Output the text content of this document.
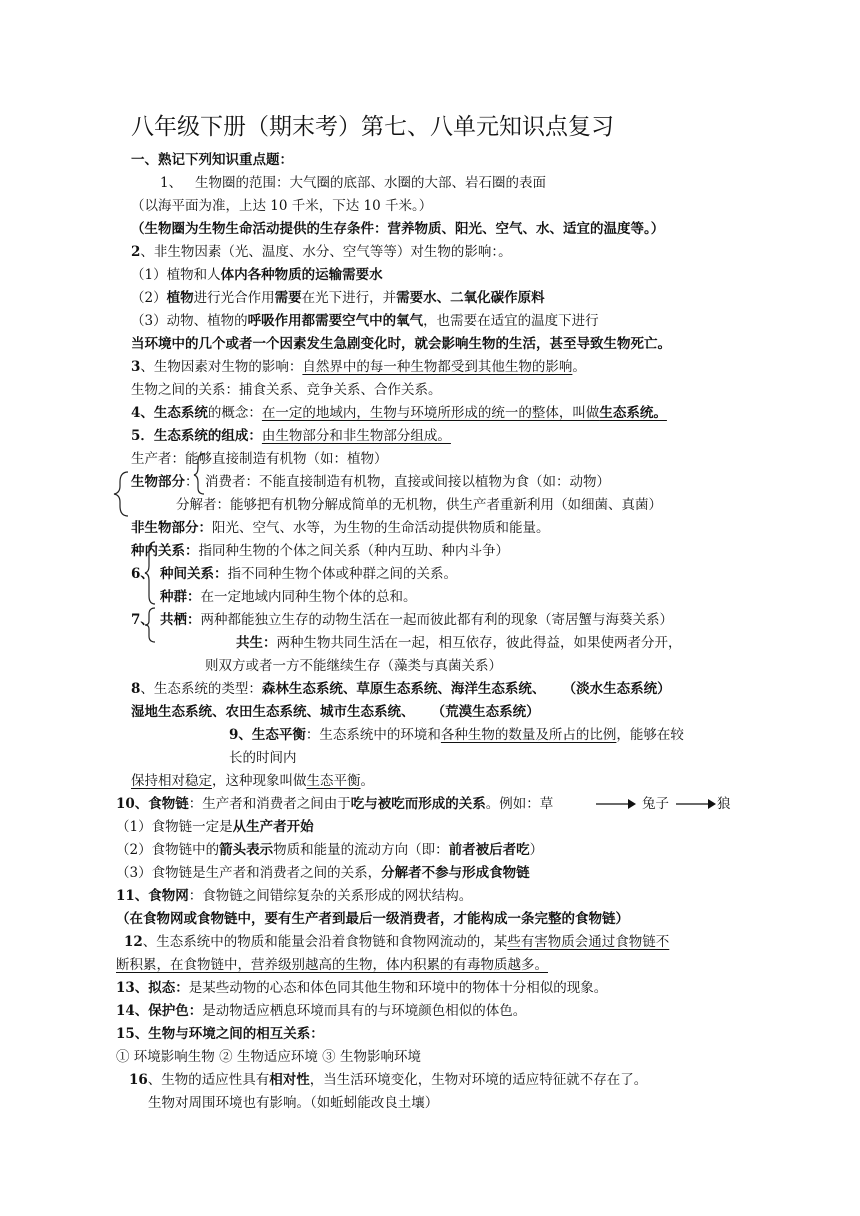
八年级下册（期末考）第七、八单元知识点复习
一、熟记下列知识重点题：
1、 生物圈的范围：大气圈的底部、水圈的大部、岩石圈的表面
（以海平面为准，上达 10 千米，下达 10 千米。）
（生物圈为生物生命活动提供的生存条件：营养物质、阳光、空气、水、适宜的温度等。）
2、非生物因素（光、温度、水分、空气等等）对生物的影响：。
（1）植物和人体内各种物质的运输需要水
（2）植物进行光合作用需要在光下进行，并需要水、二氧化碳作原料
（3）动物、植物的呼吸作用都需要空气中的氧气，也需要在适宜的温度下进行
当环境中的几个或者一个因素发生急剧变化时，就会影响生物的生活，甚至导致生物死亡。
3、生物因素对生物的影响：自然界中的每一种生物都受到其他生物的影响。
生物之间的关系：捕食关系、竞争关系、合作关系。
4、生态系统的概念：在一定的地域内，生物与环境所形成的统一的整体，叫做生态系统。
5．生态系统的组成：由生物部分和非生物部分组成。
生产者：能够直接制造有机物（如：植物）
生物部分： 消费者：不能直接制造有机物，直接或间接以植物为食（如：动物）
分解者：能够把有机物分解成简单的无机物，供生产者重新利用（如细菌、真菌）
非生物部分：阳光、空气、水等，为生物的生命活动提供物质和能量。
种内关系：指同种生物的个体之间关系（种内互助、种内斗争）
6、 种间关系：指不同种生物个体或种群之间的关系。
种群：在一定地域内同种生物个体的总和。
7、 共栖：两种都能独立生存的动物生活在一起而彼此都有利的现象（寄居蟹与海葵关系）
共生：两种生物共同生活在一起，相互依存，彼此得益，如果使两者分开，
则双方或者一方不能继续生存（藻类与真菌关系）
8、生态系统的类型：森林生态系统、草原生态系统、海洋生态系统、 （淡水生态系统）
湿地生态系统、农田生态系统、城市生态系统、 （荒漠生态系统）
9、生态平衡：生态系统中的环境和各种生物的数量及所占的比例，能够在较
长的时间内
保持相对稳定，这种现象叫做生态平衡。
10、食物链：生产者和消费者之间由于吃与被吃而形成的关系。例如：草	兔子	狼
（1）食物链一定是从生产者开始
（2）食物链中的箭头表示物质和能量的流动方向（即：前者被后者吃）
（3）食物链是生产者和消费者之间的关系，分解者不参与形成食物链
11、食物网：食物链之间错综复杂的关系形成的网状结构。
（在食物网或食物链中，要有生产者到最后一级消费者，才能构成一条完整的食物链）
12、生态系统中的物质和能量会沿着食物链和食物网流动的，某些有害物质会通过食物链不
断积累，在食物链中，营养级别越高的生物，体内积累的有毒物质越多。
13、拟态：是某些动物的心态和体色同其他生物和环境中的物体十分相似的现象。
14、保护色：是动物适应栖息环境而具有的与环境颜色相似的体色。
15、生物与环境之间的相互关系：
① 环境影响生物 ② 生物适应环境 ③ 生物影响环境
16、生物的适应性具有相对性，当生活环境变化，生物对环境的适应特征就不存在了。
生物对周围环境也有影响。（如蚯蚓能改良土壤）
